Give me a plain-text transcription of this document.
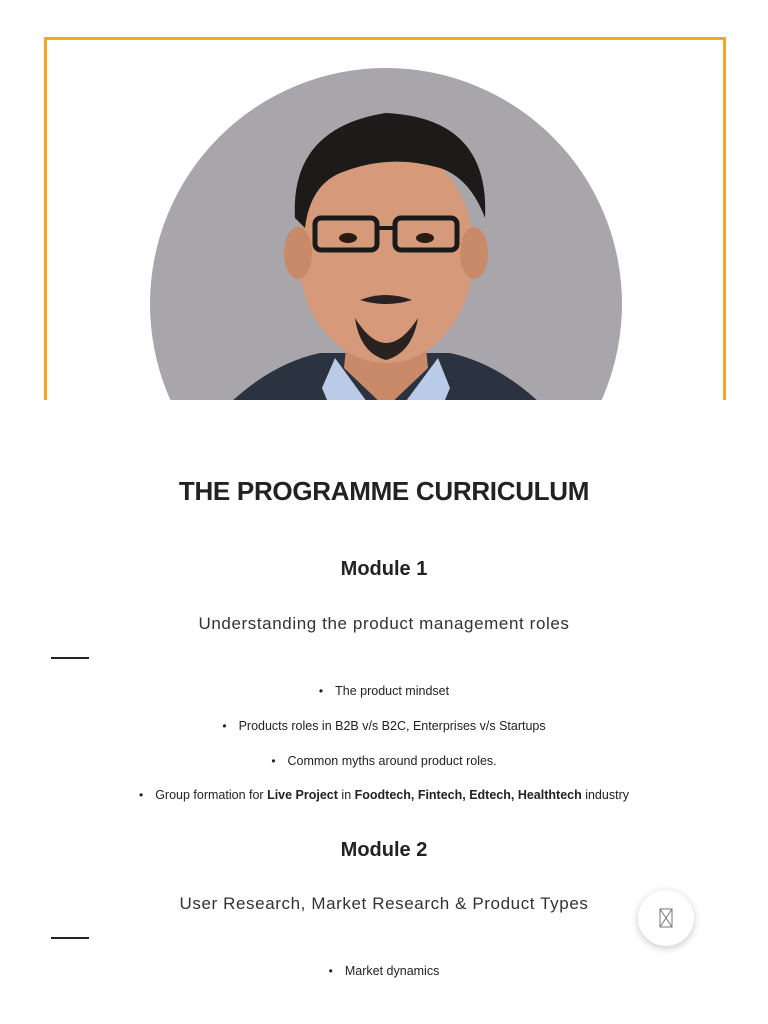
THE PROGRAMME CURRICULUM
Module 1
Understanding the product management roles
• The product mindset
• Products roles in B2B v/s B2C, Enterprises v/s Startups
• Common myths around product roles.
• Group formation for Live Project in Foodtech, Fintech, Edtech, Healthtech industry
Module 2
User Research, Market Research & Product Types
• Market dynamics
